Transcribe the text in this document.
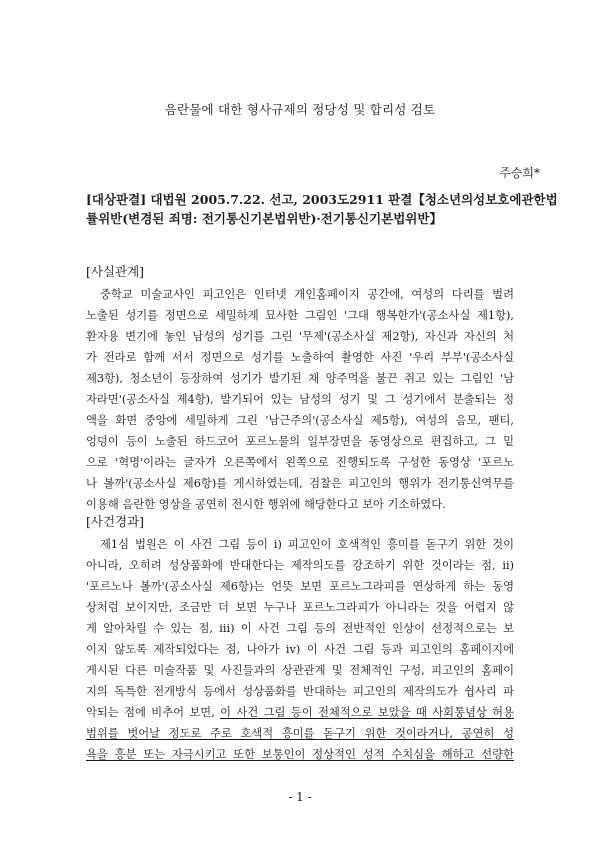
음란물에 대한 형사규제의 정당성 및 합리성 검토
주승희*
[대상판결] 대법원 2005.7.22. 선고, 2003도2911 판결【청소년의성보호에관한법
률위반(변경된 죄명: 전기통신기본법위반)·전기통신기본법위반】
[사실관계]
중학교 미술교사인 피고인은 인터넷 개인홈페이지 공간에, 여성의 다리를 벌려
노출된 성기를 정면으로 세밀하게 묘사한 그림인 '그대 행복한가'(공소사실 제1항),
환자용 변기에 놓인 남성의 성기를 그린 '무제'(공소사실 제2항), 자신과 자신의 처
가 전라로 함께 서서 정면으로 성기를 노출하여 촬영한 사진 '우리 부부'(공소사실
제3항), 청소년이 등장하여 성기가 발기된 채 양주먹을 불끈 쥐고 있는 그림인 '남
자라면'(공소사실 제4항), 발기되어 있는 남성의 성기 및 그 성기에서 분출되는 정
액을 화면 중앙에 세밀하게 그린 '남근주의'(공소사실 제5항), 여성의 음모, 팬티,
엉덩이 등이 노출된 하드코어 포르노물의 일부장면을 동영상으로 편집하고, 그 밑
으로 '혁명'이라는 글자가 오른쪽에서 왼쪽으로 진행되도록 구성한 동영상 '포르노
나 볼까'(공소사실 제6항)를 게시하였는데, 검찰은 피고인의 행위가 전기통신역무를
이용해 음란한 영상을 공연히 전시한 행위에 해당한다고 보아 기소하였다.
[사건경과]
제1심 법원은 이 사건 그림 등이 i) 피고인이 호색적인 흥미를 돋구기 위한 것이
아니라, 오히려 성상품화에 반대한다는 제작의도를 강조하기 위한 것이라는 점, ii)
'포르노나 볼까'(공소사실 제6항)는 언뜻 보면 포르노그라피를 연상하게 하는 동영
상처럼 보이지만, 조금만 더 보면 누구나 포르노그라피가 아니라는 것을 어렵지 않
게 알아차릴 수 있는 점, iii) 이 사건 그림 등의 전반적인 인상이 선정적으로는 보
이지 않도록 제작되었다는 점, 나아가 iv) 이 사건 그림 등과 피고인의 홈페이지에
게시된 다른 미술작품 및 사진들과의 상관관계 및 전체적인 구성, 피고인의 홈페이
지의 독특한 전개방식 등에서 성상품화를 반대하는 피고인의 제작의도가 쉽사리 파
악되는 점에 비추어 보면, 이 사건 그림 등이 전체적으로 보았을 때 사회통념상 허용
범위를 벗어날 정도로 주로 호색적 흥미를 돋구기 위한 것이라거나, 공연히 성
욕을 흥분 또는 자극시키고 또한 보통인이 정상적인 성적 수치심을 해하고 선량한
- 1 -
